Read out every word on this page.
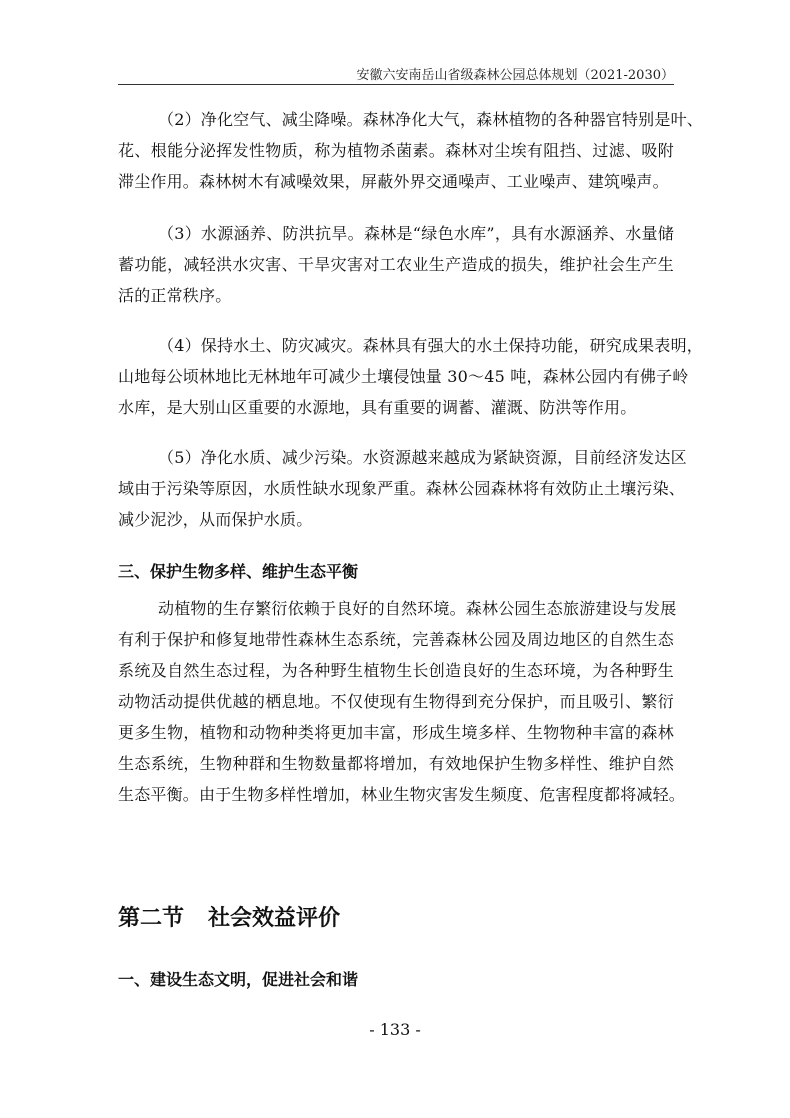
安徽六安南岳山省级森林公园总体规划（2021-2030）
（2）净化空气、减尘降噪。森林净化大气，森林植物的各种器官特别是叶、
花、根能分泌挥发性物质，称为植物杀菌素。森林对尘埃有阻挡、过滤、吸附
滞尘作用。森林树木有减噪效果，屏蔽外界交通噪声、工业噪声、建筑噪声。
（3）水源涵养、防洪抗旱。森林是“绿色水库”，具有水源涵养、水量储
蓄功能，减轻洪水灾害、干旱灾害对工农业生产造成的损失，维护社会生产生
活的正常秩序。
（4）保持水土、防灾减灾。森林具有强大的水土保持功能，研究成果表明，
山地每公顷林地比无林地年可减少土壤侵蚀量 30～45 吨，森林公园内有佛子岭
水库，是大别山区重要的水源地，具有重要的调蓄、灌溉、防洪等作用。
（5）净化水质、减少污染。水资源越来越成为紧缺资源，目前经济发达区
域由于污染等原因，水质性缺水现象严重。森林公园森林将有效防止土壤污染、
减少泥沙，从而保护水质。
三、保护生物多样、维护生态平衡
动植物的生存繁衍依赖于良好的自然环境。森林公园生态旅游建设与发展
有利于保护和修复地带性森林生态系统，完善森林公园及周边地区的自然生态
系统及自然生态过程，为各种野生植物生长创造良好的生态环境，为各种野生
动物活动提供优越的栖息地。不仅使现有生物得到充分保护，而且吸引、繁衍
更多生物，植物和动物种类将更加丰富，形成生境多样、生物物种丰富的森林
生态系统，生物种群和生物数量都将增加，有效地保护生物多样性、维护自然
生态平衡。由于生物多样性增加，林业生物灾害发生频度、危害程度都将减轻。
第二节 社会效益评价
一、建设生态文明，促进社会和谐
- 133 -
